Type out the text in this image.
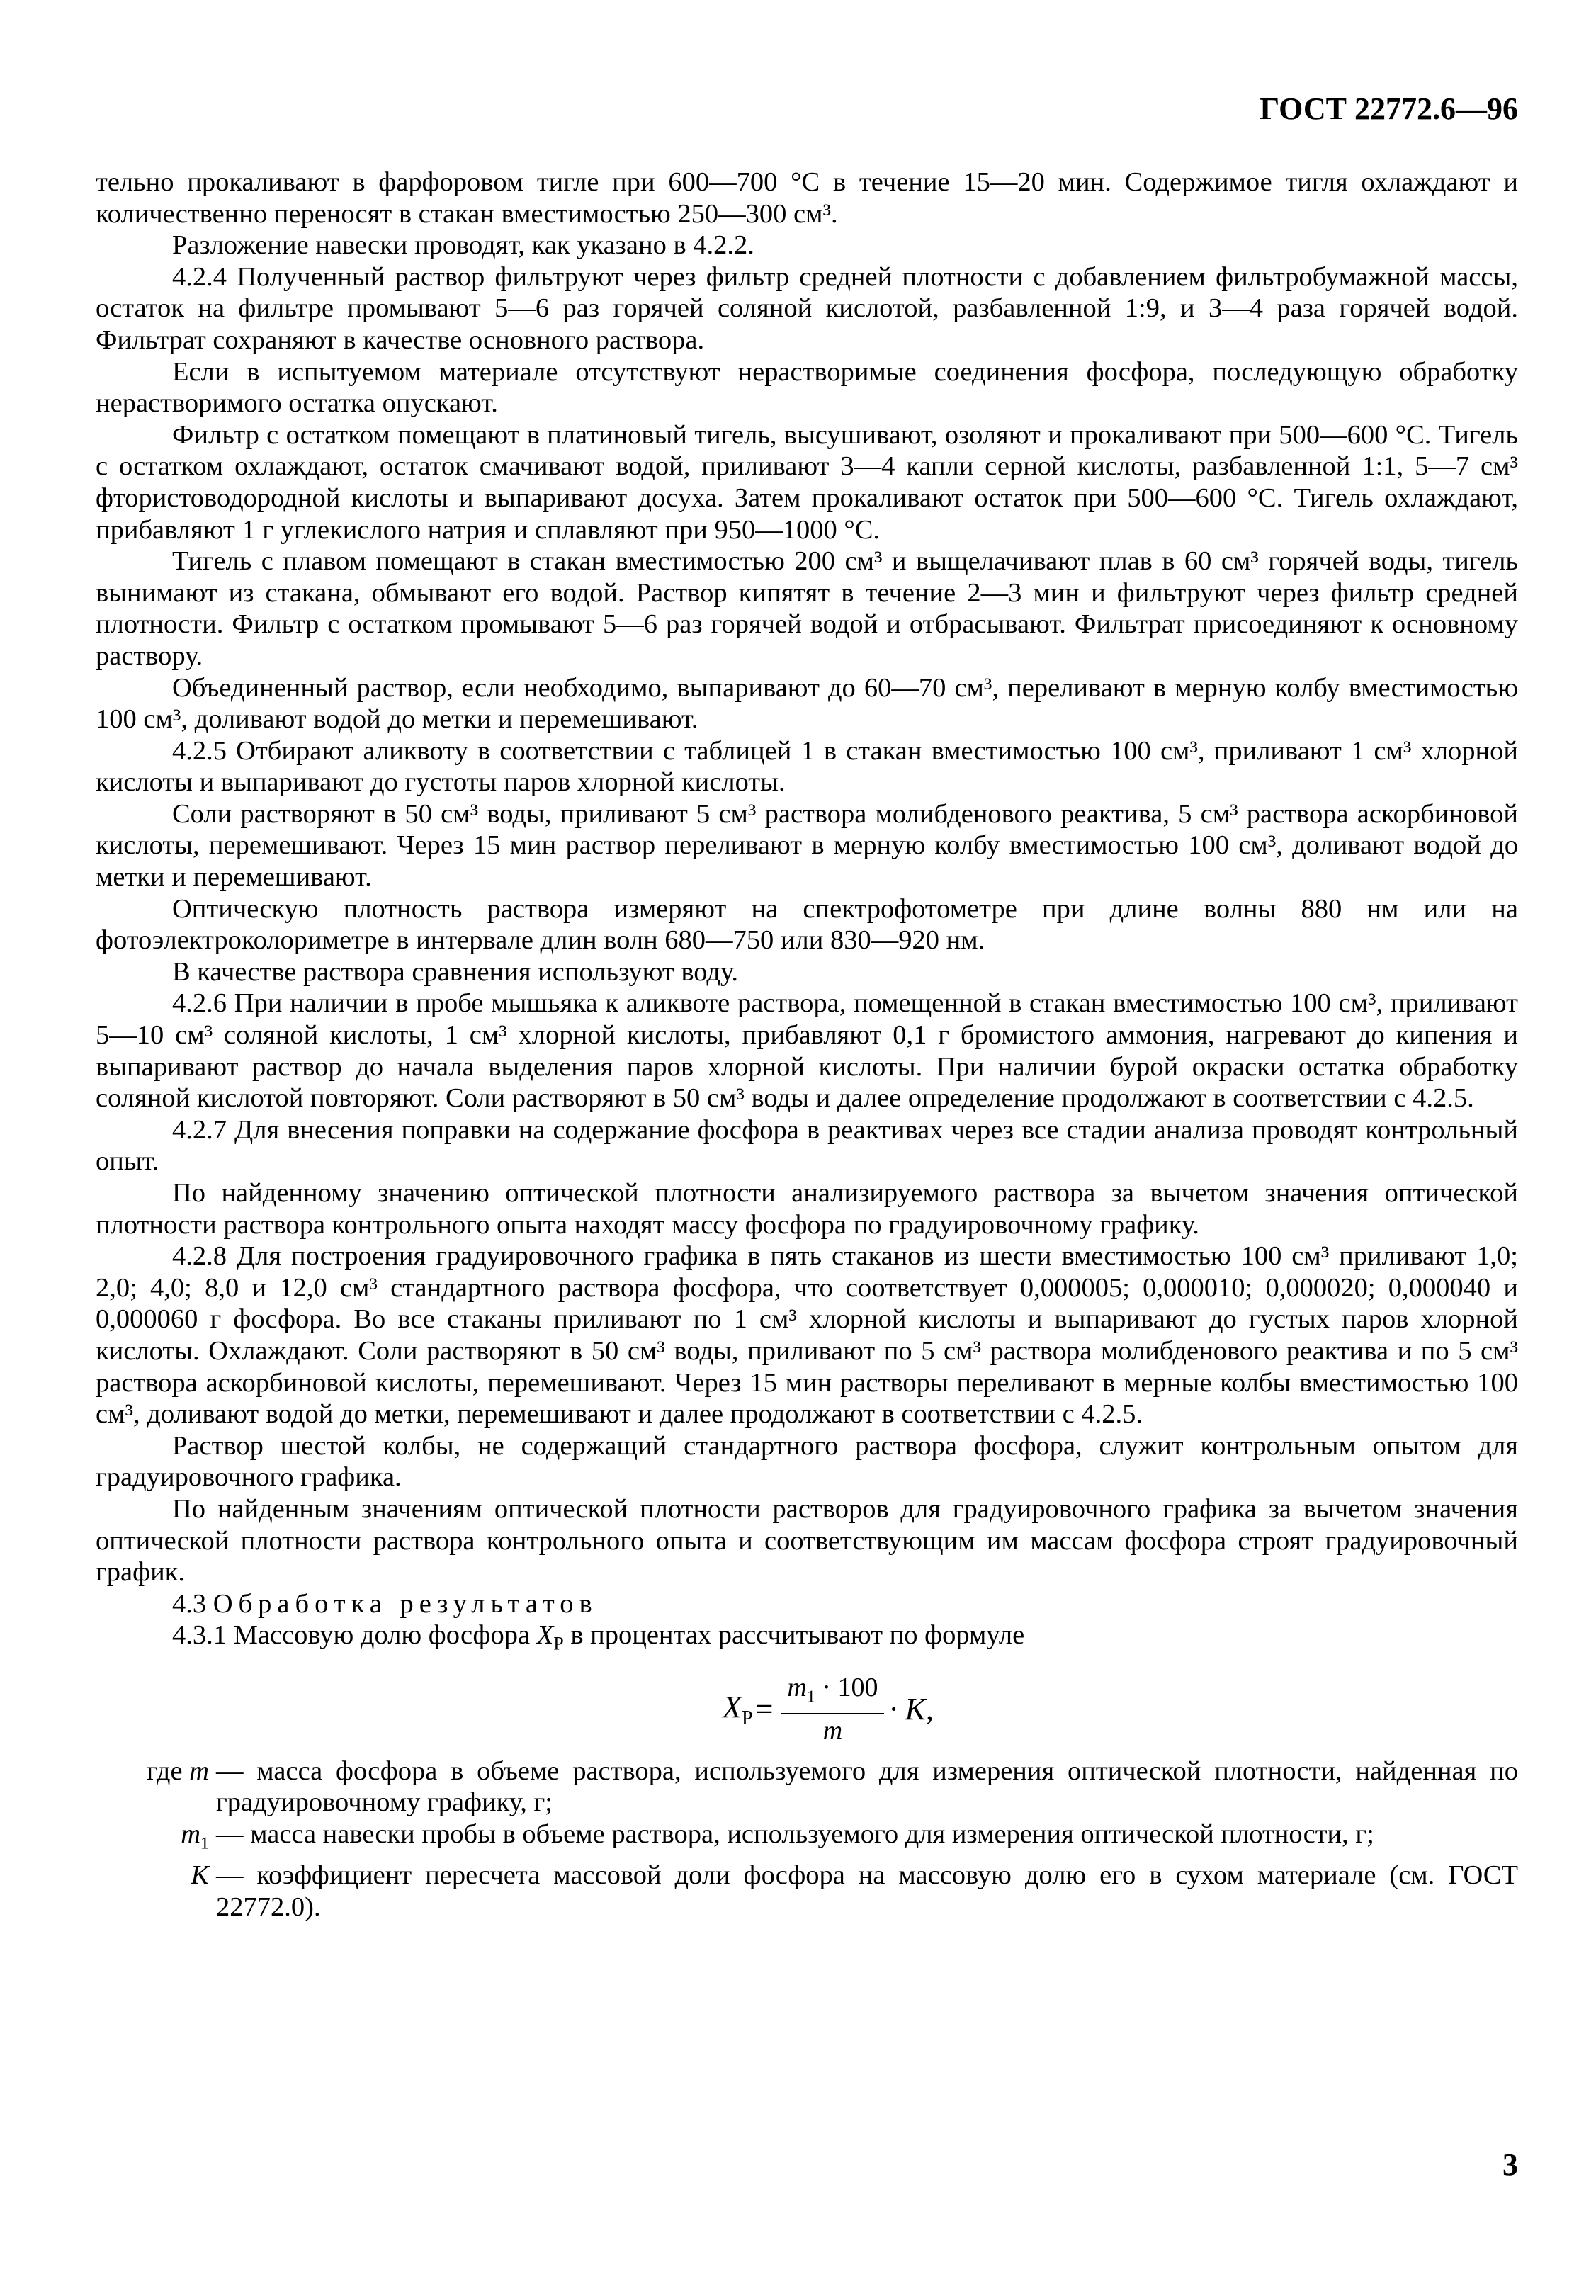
ГОСТ 22772.6—96

тельно прокаливают в фарфоровом тигле при 600—700 °С в течение 15—20 мин. Содержимое тигля охлаждают и количественно переносят в стакан вместимостью 250—300 см³.

Разложение навески проводят, как указано в 4.2.2.

4.2.4 Полученный раствор фильтруют через фильтр средней плотности с добавлением фильтробумажной массы, остаток на фильтре промывают 5—6 раз горячей соляной кислотой, разбавленной 1:9, и 3—4 раза горячей водой. Фильтрат сохраняют в качестве основного раствора.

Если в испытуемом материале отсутствуют нерастворимые соединения фосфора, последующую обработку нерастворимого остатка опускают.

Фильтр с остатком помещают в платиновый тигель, высушивают, озоляют и прокаливают при 500—600 °С. Тигель с остатком охлаждают, остаток смачивают водой, приливают 3—4 капли серной кислоты, разбавленной 1:1, 5—7 см³ фтористоводородной кислоты и выпаривают досуха. Затем прокаливают остаток при 500—600 °С. Тигель охлаждают, прибавляют 1 г углекислого натрия и сплавляют при 950—1000 °С.

Тигель с плавом помещают в стакан вместимостью 200 см³ и выщелачивают плав в 60 см³ горячей воды, тигель вынимают из стакана, обмывают его водой. Раствор кипятят в течение 2—3 мин и фильтруют через фильтр средней плотности. Фильтр с остатком промывают 5—6 раз горячей водой и отбрасывают. Фильтрат присоединяют к основному раствору.

Объединенный раствор, если необходимо, выпаривают до 60—70 см³, переливают в мерную колбу вместимостью 100 см³, доливают водой до метки и перемешивают.

4.2.5 Отбирают аликвоту в соответствии с таблицей 1 в стакан вместимостью 100 см³, приливают 1 см³ хлорной кислоты и выпаривают до густоты паров хлорной кислоты.

Соли растворяют в 50 см³ воды, приливают 5 см³ раствора молибденового реактива, 5 см³ раствора аскорбиновой кислоты, перемешивают. Через 15 мин раствор переливают в мерную колбу вместимостью 100 см³, доливают водой до метки и перемешивают.

Оптическую плотность раствора измеряют на спектрофотометре при длине волны 880 нм или на фотоэлектроколориметре в интервале длин волн 680—750 или 830—920 нм.

В качестве раствора сравнения используют воду.

4.2.6 При наличии в пробе мышьяка к аликвоте раствора, помещенной в стакан вместимостью 100 см³, приливают 5—10 см³ соляной кислоты, 1 см³ хлорной кислоты, прибавляют 0,1 г бромистого аммония, нагревают до кипения и выпаривают раствор до начала выделения паров хлорной кислоты. При наличии бурой окраски остатка обработку соляной кислотой повторяют. Соли растворяют в 50 см³ воды и далее определение продолжают в соответствии с 4.2.5.

4.2.7 Для внесения поправки на содержание фосфора в реактивах через все стадии анализа проводят контрольный опыт.

По найденному значению оптической плотности анализируемого раствора за вычетом значения оптической плотности раствора контрольного опыта находят массу фосфора по градуировочному графику.

4.2.8 Для построения градуировочного графика в пять стаканов из шести вместимостью 100 см³ приливают 1,0; 2,0; 4,0; 8,0 и 12,0 см³ стандартного раствора фосфора, что соответствует 0,000005; 0,000010; 0,000020; 0,000040 и 0,000060 г фосфора. Во все стаканы приливают по 1 см³ хлорной кислоты и выпаривают до густых паров хлорной кислоты. Охлаждают. Соли растворяют в 50 см³ воды, приливают по 5 см³ раствора молибденового реактива и по 5 см³ раствора аскорбиновой кислоты, перемешивают. Через 15 мин растворы переливают в мерные колбы вместимостью 100 см³, доливают водой до метки, перемешивают и далее продолжают в соответствии с 4.2.5.

Раствор шестой колбы, не содержащий стандартного раствора фосфора, служит контрольным опытом для градуировочного графика.

По найденным значениям оптической плотности растворов для градуировочного графика за вычетом значения оптической плотности раствора контрольного опыта и соответствующим им массам фосфора строят градуировочный график.

4.3 Обработка результатов

4.3.1 Массовую долю фосфора $X_P$ в процентах рассчитывают по формуле

$X_P = \frac{m_1 \cdot 100}{m} \cdot K$,
где m — масса фосфора в объеме раствора, используемого для измерения оптической плотности, найденная по градуировочному графику, г;
$m_1$ — масса навески пробы в объеме раствора, используемого для измерения оптической плотности, г;
K — коэффициент пересчета массовой доли фосфора на массовую долю его в сухом материале (см. ГОСТ 22772.0).
3
